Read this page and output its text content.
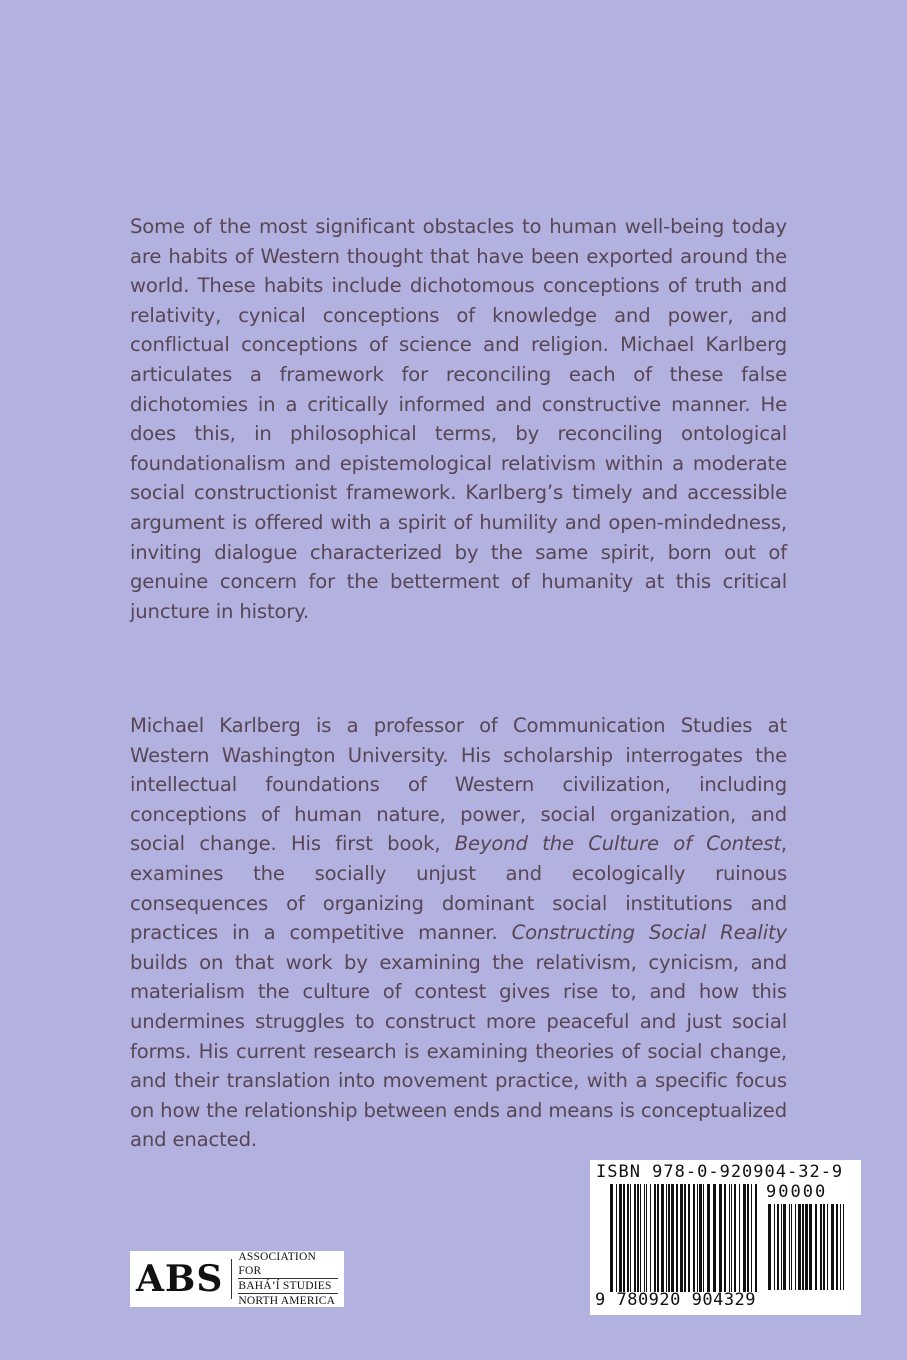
Some of the most significant obstacles to human well-being today are habits of Western thought that have been exported around the world. These habits include dichotomous conceptions of truth and relativity, cynical conceptions of knowledge and power, and conflictual conceptions of science and religion. Michael Karlberg articulates a framework for reconciling each of these false dichotomies in a critically informed and constructive manner. He does this, in philosophical terms, by reconciling ontological foundationalism and epistemological relativism within a moderate social constructionist framework. Karlberg’s timely and accessible argument is offered with a spirit of humility and open-mindedness, inviting dialogue characterized by the same spirit, born out of genuine concern for the betterment of humanity at this critical juncture in history.
Michael Karlberg is a professor of Communication Studies at Western Washington University. His scholarship interrogates the intellectual foundations of Western civilization, including conceptions of human nature, power, social organization, and social change. His first book, Beyond the Culture of Contest, examines the socially unjust and ecologically ruinous consequences of organizing dominant social institutions and practices in a competitive manner. Constructing Social Reality builds on that work by examining the relativism, cynicism, and materialism the culture of contest gives rise to, and how this undermines struggles to construct more peaceful and just social forms. His current research is examining theories of social change, and their translation into movement practice, with a specific focus on how the relationship between ends and means is conceptualized and enacted.
ABS
ASSOCIATION FOR
BAHÁ’Í STUDIES
NORTH AMERICA
ISBN 978-0-920904-32-9
90000
9 780920 904329
